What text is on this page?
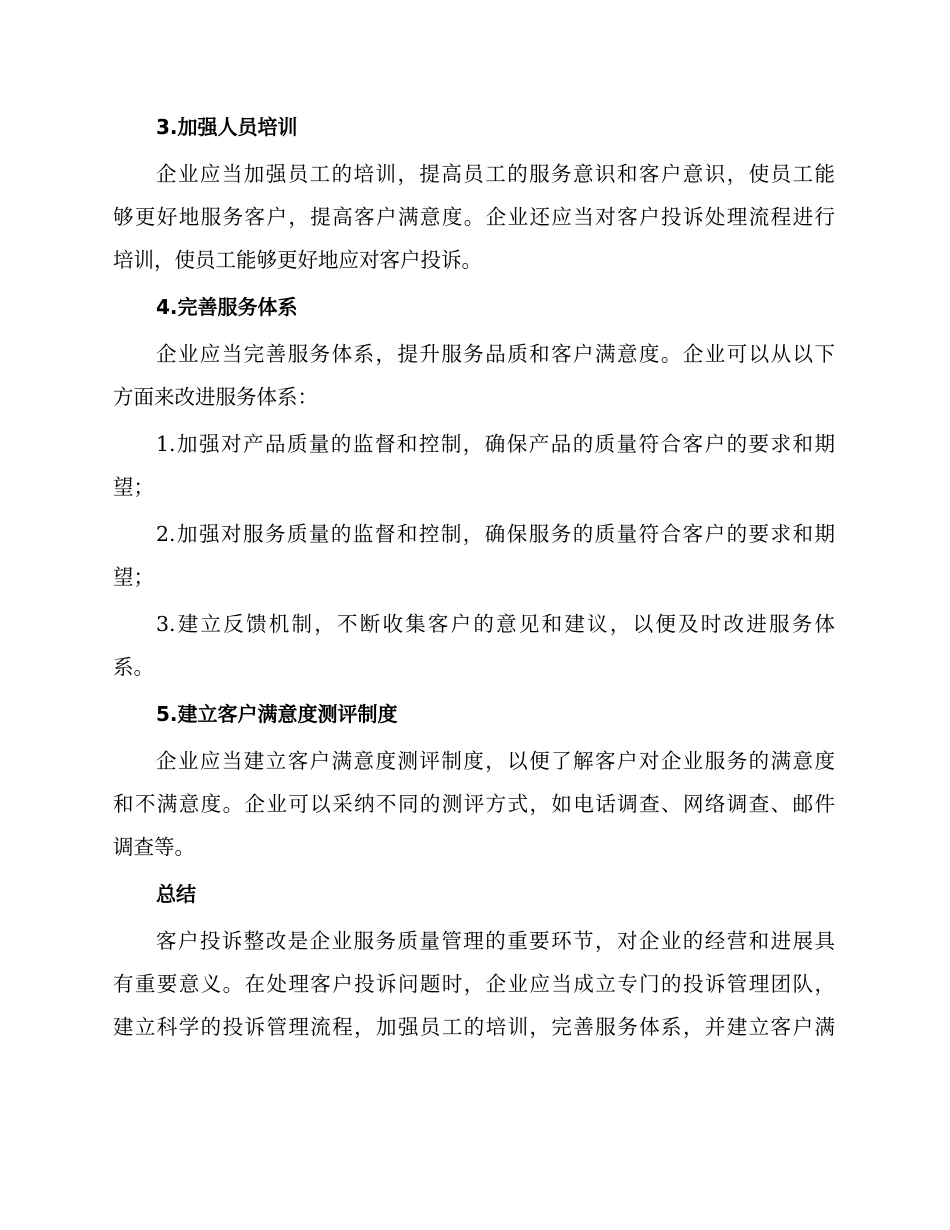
3.加强人员培训

企业应当加强员工的培训，提高员工的服务意识和客户意识，使员工能
够更好地服务客户，提高客户满意度。企业还应当对客户投诉处理流程进行
培训，使员工能够更好地应对客户投诉。

4.完善服务体系

企业应当完善服务体系，提升服务品质和客户满意度。企业可以从以下
方面来改进服务体系：

1.加强对产品质量的监督和控制，确保产品的质量符合客户的要求和期
望；

2.加强对服务质量的监督和控制，确保服务的质量符合客户的要求和期
望；

3.建立反馈机制，不断收集客户的意见和建议，以便及时改进服务体
系。

5.建立客户满意度测评制度

企业应当建立客户满意度测评制度，以便了解客户对企业服务的满意度
和不满意度。企业可以采纳不同的测评方式，如电话调查、网络调查、邮件
调查等。

总结

客户投诉整改是企业服务质量管理的重要环节，对企业的经营和进展具
有重要意义。在处理客户投诉问题时，企业应当成立专门的投诉管理团队，
建立科学的投诉管理流程，加强员工的培训，完善服务体系，并建立客户满
